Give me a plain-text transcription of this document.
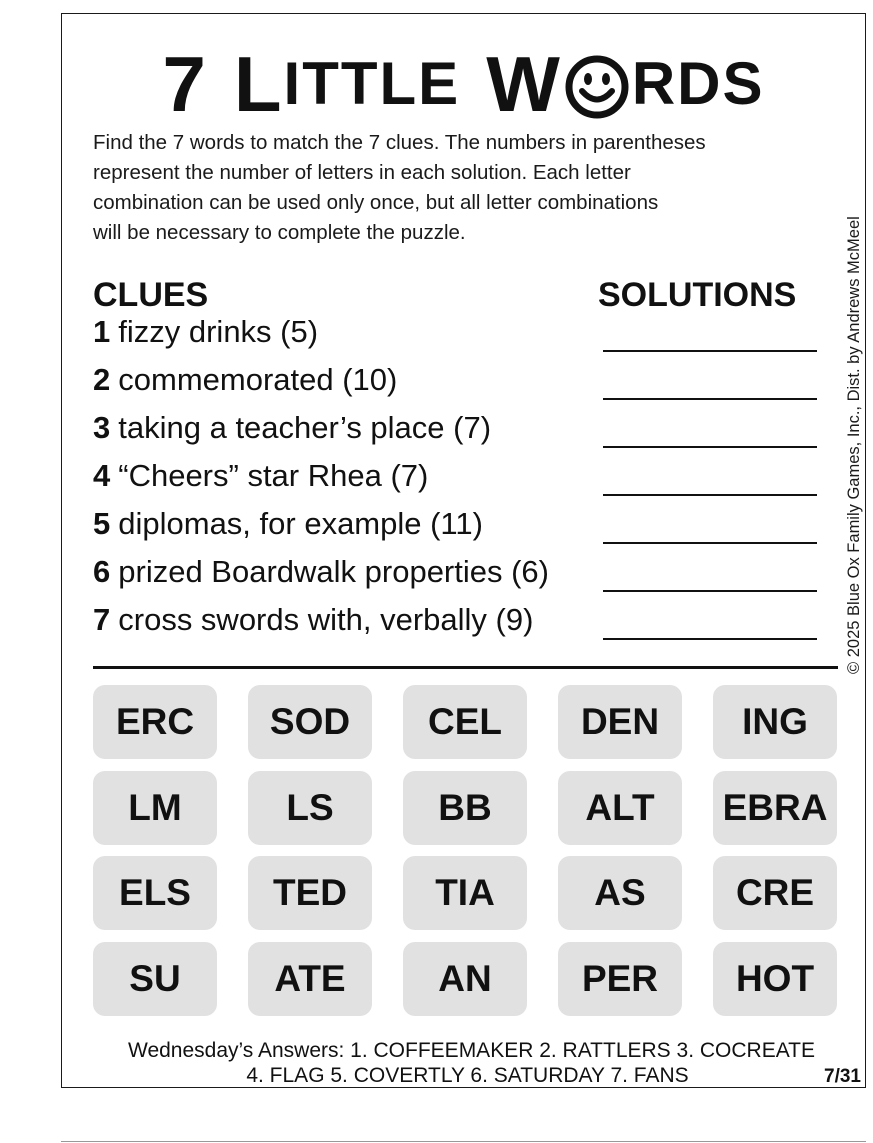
7 L ITTLE W RDS
Find the 7 words to match the 7 clues. The numbers in parentheses
represent the number of letters in each solution. Each letter
combination can be used only once, but all letter combinations
will be necessary to complete the puzzle.	© 2025 Blue Ox Family Games, Inc., Dist. by Andrews McMeel
CLUES	SOLUTIONS
1 fizzy drinks (5)
2 commemorated (10)
3 taking a teacher’s place (7)
4 “Cheers” star Rhea (7)
5 diplomas, for example (11)
6 prized Boardwalk properties (6)
7 cross swords with, verbally (9)
ERC	SOD	CEL	DEN	ING
LM	LS	BB	ALT	EBRA
ELS	TED	TIA	AS	CRE
SU	ATE	AN	PER	HOT
Wednesday’s Answers: 1. COFFEEMAKER 2. RATTLERS 3. COCREATE
4. FLAG 5. COVERTLY 6. SATURDAY 7. FANS	7/31
